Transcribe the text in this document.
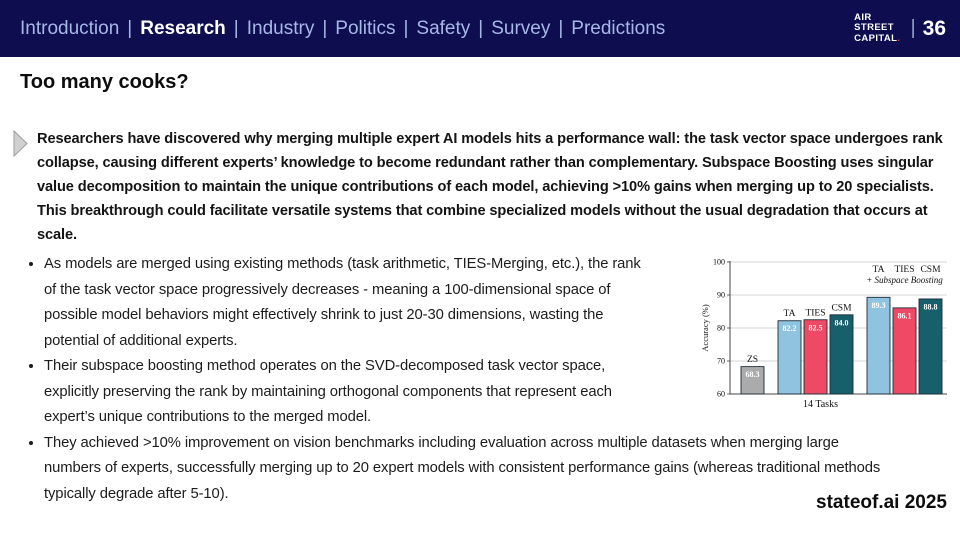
Introduction | Research | Industry | Politics | Safety | Survey | Predictions
AIR
STREET
CAPITAL. | 36
Too many cooks?

Researchers have discovered why merging multiple expert AI models hits a performance wall: the task vector space undergoes rank collapse, causing different experts’ knowledge to become redundant rather than complementary. Subspace Boosting uses singular value decomposition to maintain the unique contributions of each model, achieving >10% gains when merging up to 20 specialists. This breakthrough could facilitate versatile systems that combine specialized models without the usual degradation that occurs at scale.

• As models are merged using existing methods (task arithmetic, TIES-Merging, etc.), the rank of the task vector space progressively decreases - meaning a 100-dimensional space of possible model behaviors might effectively shrink to just 20-30 dimensions, wasting the potential of additional experts.
• Their subspace boosting method operates on the SVD-decomposed task vector space, explicitly preserving the rank by maintaining orthogonal components that represent each expert’s unique contributions to the merged model.
• They achieved >10% improvement on vision benchmarks including evaluation across multiple datasets when merging large numbers of experts, successfully merging up to 20 expert models with consistent performance gains (whereas traditional methods typically degrade after 5-10).
60
70
80
90
100
Accuracy (%)
ZS
68.3
TA
82.2
TIES
82.5
CSM
84.0
TA
89.3
TIES
86.1
CSM
88.8
+ Subspace Boosting
14 Tasks

stateof.ai 2025
